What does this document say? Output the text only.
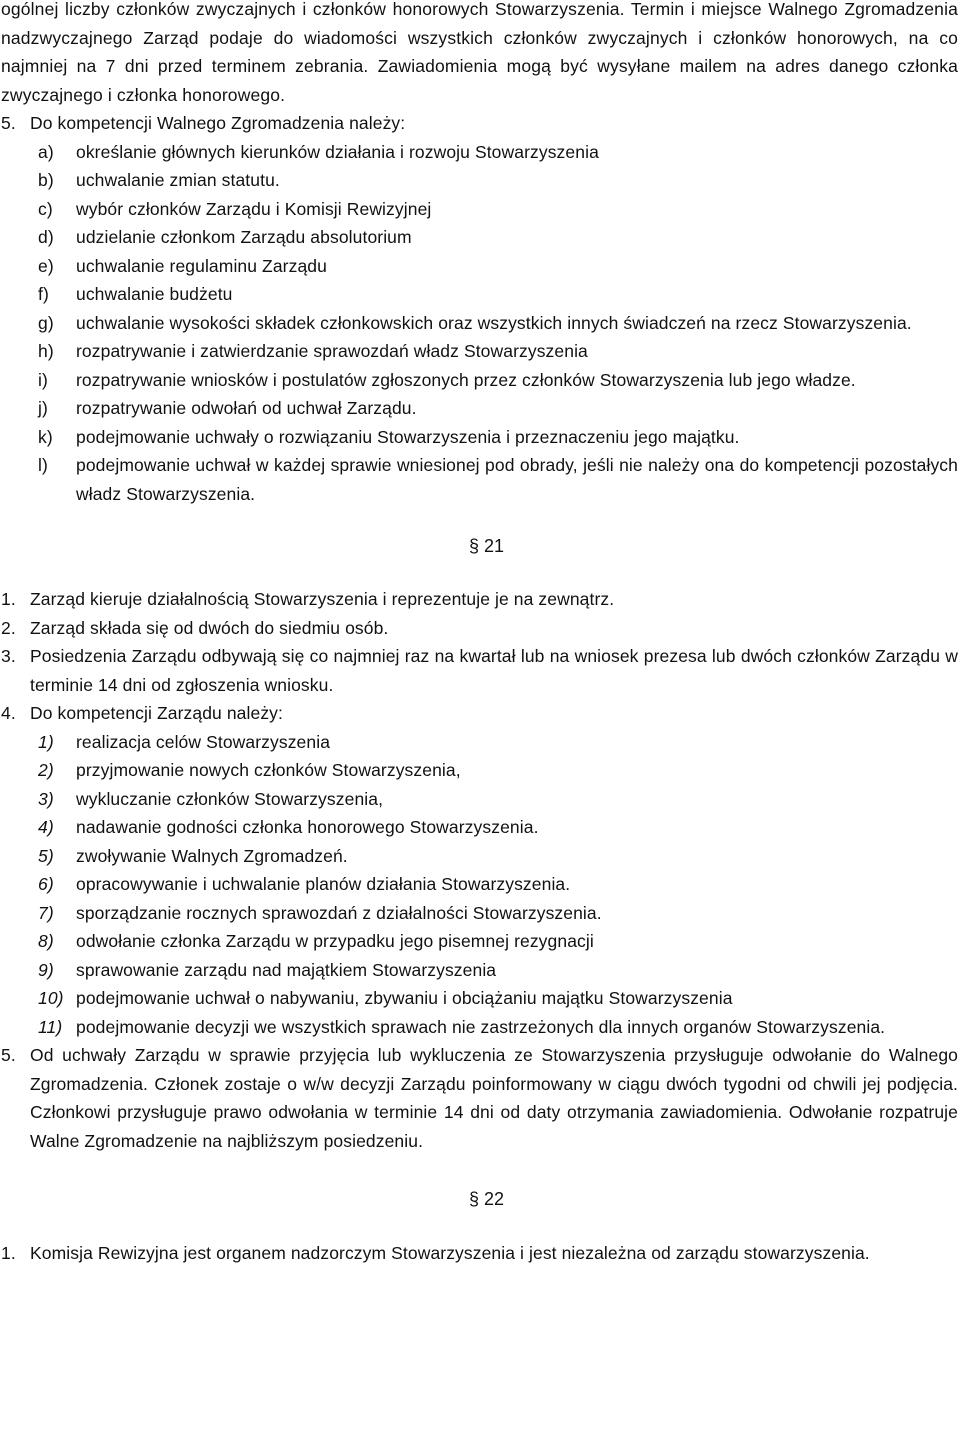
ogólnej liczby członków zwyczajnych i członków honorowych Stowarzyszenia. Termin i miejsce Walnego Zgromadzenia nadzwyczajnego Zarząd podaje do wiadomości wszystkich członków zwyczajnych i członków honorowych, na co najmniej na 7 dni przed terminem zebrania. Zawiadomienia mogą być wysyłane mailem na adres danego członka zwyczajnego i członka honorowego.

5. Do kompetencji Walnego Zgromadzenia należy:
a) określanie głównych kierunków działania i rozwoju Stowarzyszenia
b) uchwalanie zmian statutu.
c) wybór członków Zarządu i Komisji Rewizyjnej
d) udzielanie członkom Zarządu absolutorium
e) uchwalanie regulaminu Zarządu
f) uchwalanie budżetu
g) uchwalanie wysokości składek członkowskich oraz wszystkich innych świadczeń na rzecz Stowarzyszenia.
h) rozpatrywanie i zatwierdzanie sprawozdań władz Stowarzyszenia
i) rozpatrywanie wniosków i postulatów zgłoszonych przez członków Stowarzyszenia lub jego władze.
j) rozpatrywanie odwołań od uchwał Zarządu.
k) podejmowanie uchwały o rozwiązaniu Stowarzyszenia i przeznaczeniu jego majątku.
l) podejmowanie uchwał w każdej sprawie wniesionej pod obrady, jeśli nie należy ona do kompetencji pozostałych władz Stowarzyszenia.

§ 21

1. Zarząd kieruje działalnością Stowarzyszenia i reprezentuje je na zewnątrz.
2. Zarząd składa się od dwóch do siedmiu osób.
3. Posiedzenia Zarządu odbywają się co najmniej raz na kwartał lub na wniosek prezesa lub dwóch członków Zarządu w terminie 14 dni od zgłoszenia wniosku.
4. Do kompetencji Zarządu należy:
1) realizacja celów Stowarzyszenia
2) przyjmowanie nowych członków Stowarzyszenia,
3) wykluczanie członków Stowarzyszenia,
4) nadawanie godności członka honorowego Stowarzyszenia.
5) zwoływanie Walnych Zgromadzeń.
6) opracowywanie i uchwalanie planów działania Stowarzyszenia.
7) sporządzanie rocznych sprawozdań z działalności Stowarzyszenia.
8) odwołanie członka Zarządu w przypadku jego pisemnej rezygnacji
9) sprawowanie zarządu nad majątkiem Stowarzyszenia
10) podejmowanie uchwał o nabywaniu, zbywaniu i obciążaniu majątku Stowarzyszenia
11) podejmowanie decyzji we wszystkich sprawach nie zastrzeżonych dla innych organów Stowarzyszenia.
5. Od uchwały Zarządu w sprawie przyjęcia lub wykluczenia ze Stowarzyszenia przysługuje odwołanie do Walnego Zgromadzenia. Członek zostaje o w/w decyzji Zarządu poinformowany w ciągu dwóch tygodni od chwili jej podjęcia. Członkowi przysługuje prawo odwołania w terminie 14 dni od daty otrzymania zawiadomienia. Odwołanie rozpatruje Walne Zgromadzenie na najbliższym posiedzeniu.

§ 22

1. Komisja Rewizyjna jest organem nadzorczym Stowarzyszenia i jest niezależna od zarządu stowarzyszenia.
